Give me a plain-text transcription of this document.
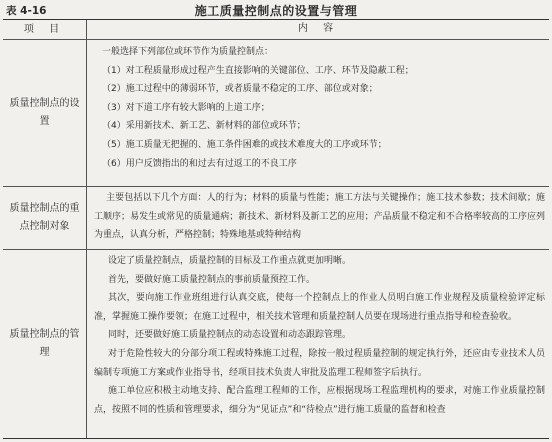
表 4-16	施工质量控制点的设置与管理
项 目	内 容
质量控制点的设置
一般选择下列部位或环节作为质量控制点：
（1）对工程质量形成过程产生直接影响的关键部位、工序、环节及隐蔽工程；
（2）施工过程中的薄弱环节，或者质量不稳定的工序、部位或对象；
（3）对下道工序有较大影响的上道工序；
（4）采用新技术、新工艺、新材料的部位或环节；
（5）施工质量无把握的、施工条件困难的或技术难度大的工序或环节；
（6）用户反馈指出的和过去有过返工的不良工序
质量控制点的重点控制对象
主要包括以下几个方面：人的行为；材料的质量与性能；施工方法与关键操作；施工技术参数；技术间歇；施工顺序；易发生或常见的质量通病；新技术、新材料及新工艺的应用；产品质量不稳定和不合格率较高的工序应列为重点，认真分析，严格控制；特殊地基或特种结构
质量控制点的管理
设定了质量控制点，质量控制的目标及工作重点就更加明晰。
首先，要做好施工质量控制点的事前质量预控工作。
其次，要向施工作业班组进行认真交底，使每一个控制点上的作业人员明白施工作业规程及质量检验评定标准，掌握施工操作要领；在施工过程中，相关技术管理和质量控制人员要在现场进行重点指导和检查验收。
同时，还要做好施工质量控制点的动态设置和动态跟踪管理。
对于危险性较大的分部分项工程或特殊施工过程，除按一般过程质量控制的规定执行外，还应由专业技术人员编制专项施工方案或作业指导书，经项目技术负责人审批及监理工程师签字后执行。
施工单位应积极主动地支持、配合监理工程师的工作，应根据现场工程监理机构的要求，对施工作业质量控制点，按照不同的性质和管理要求，细分为“见证点”和“待检点”进行施工质量的监督和检查
